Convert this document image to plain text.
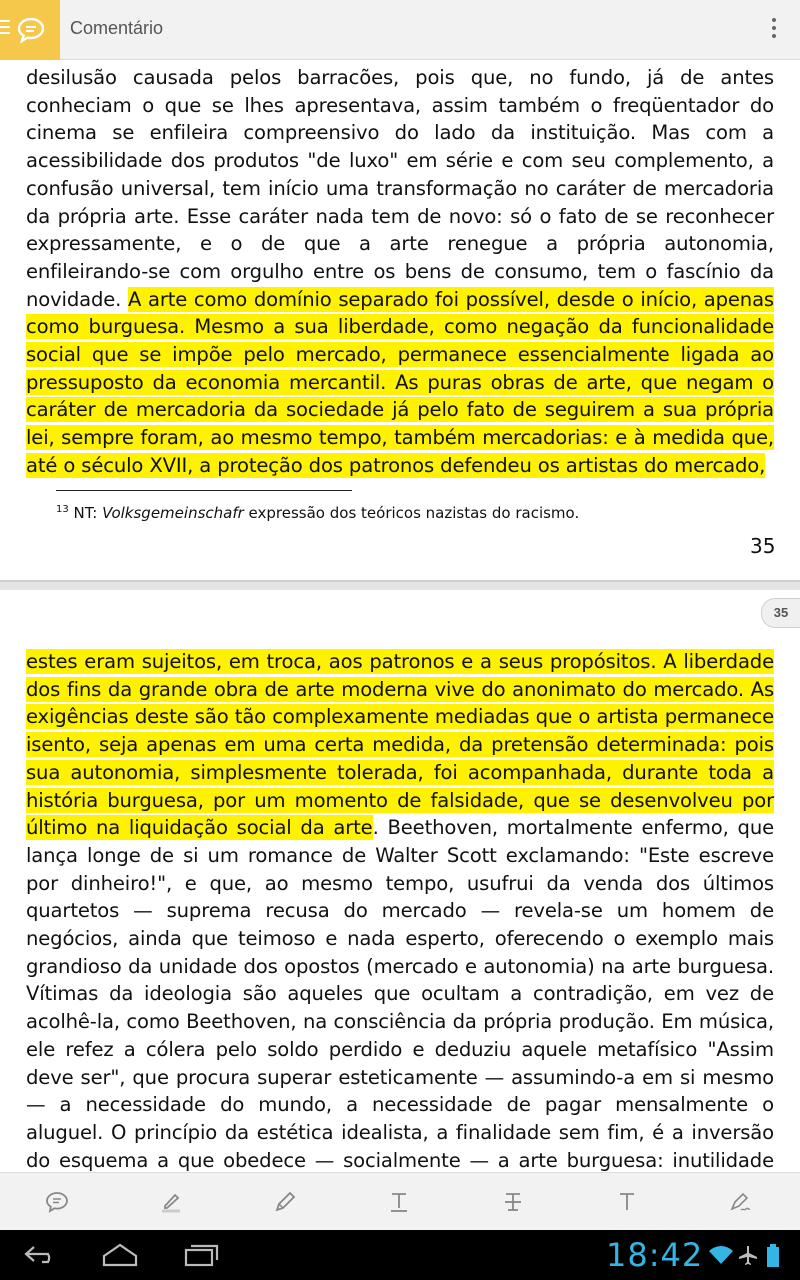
Comentário
desilusão causada pelos barracões, pois que, no fundo, já de antes conheciam o que se lhes apresentava, assim também o freqüentador do cinema se enfileira compreensivo do lado da instituição. Mas com a acessibilidade dos produtos "de luxo" em série e com seu complemento, a confusão universal, tem início uma transformação no caráter de mercadoria da própria arte. Esse caráter nada tem de novo: só o fato de se reconhecer expressamente, e o de que a arte renegue a própria autonomia, enfileirando-se com orgulho entre os bens de consumo, tem o fascínio da novidade. A arte como domínio separado foi possível, desde o início, apenas como burguesa. Mesmo a sua liberdade, como negação da funcionalidade social que se impõe pelo mercado, permanece essencialmente ligada ao pressuposto da economia mercantil. As puras obras de arte, que negam o caráter de mercadoria da sociedade já pelo fato de seguirem a sua própria lei, sempre foram, ao mesmo tempo, também mercadorias: e à medida que, até o século XVII, a proteção dos patronos defendeu os artistas do mercado,
$^{13}$ NT: Volksgemeinschafr expressão dos teóricos nazistas do racismo.
35
35
estes eram sujeitos, em troca, aos patronos e a seus propósitos. A liberdade dos fins da grande obra de arte moderna vive do anonimato do mercado. As exigências deste são tão complexamente mediadas que o artista permanece isento, seja apenas em uma certa medida, da pretensão determinada: pois sua autonomia, simplesmente tolerada, foi acompanhada, durante toda a história burguesa, por um momento de falsidade, que se desenvolveu por último na liquidação social da arte. Beethoven, mortalmente enfermo, que lança longe de si um romance de Walter Scott exclamando: "Este escreve por dinheiro!", e que, ao mesmo tempo, usufrui da venda dos últimos quartetos — suprema recusa do mercado — revela-se um homem de negócios, ainda que teimoso e nada esperto, oferecendo o exemplo mais grandioso da unidade dos opostos (mercado e autonomia) na arte burguesa. Vítimas da ideologia são aqueles que ocultam a contradição, em vez de acolhê-la, como Beethoven, na consciência da própria produção. Em música, ele refez a cólera pelo soldo perdido e deduziu aquele metafísico "Assim deve ser", que procura superar esteticamente — assumindo-a em si mesmo — a necessidade do mundo, a necessidade de pagar mensalmente o aluguel. O princípio da estética idealista, a finalidade sem fim, é a inversão do esquema a que obedece — socialmente — a arte burguesa: inutilidade
18:42
